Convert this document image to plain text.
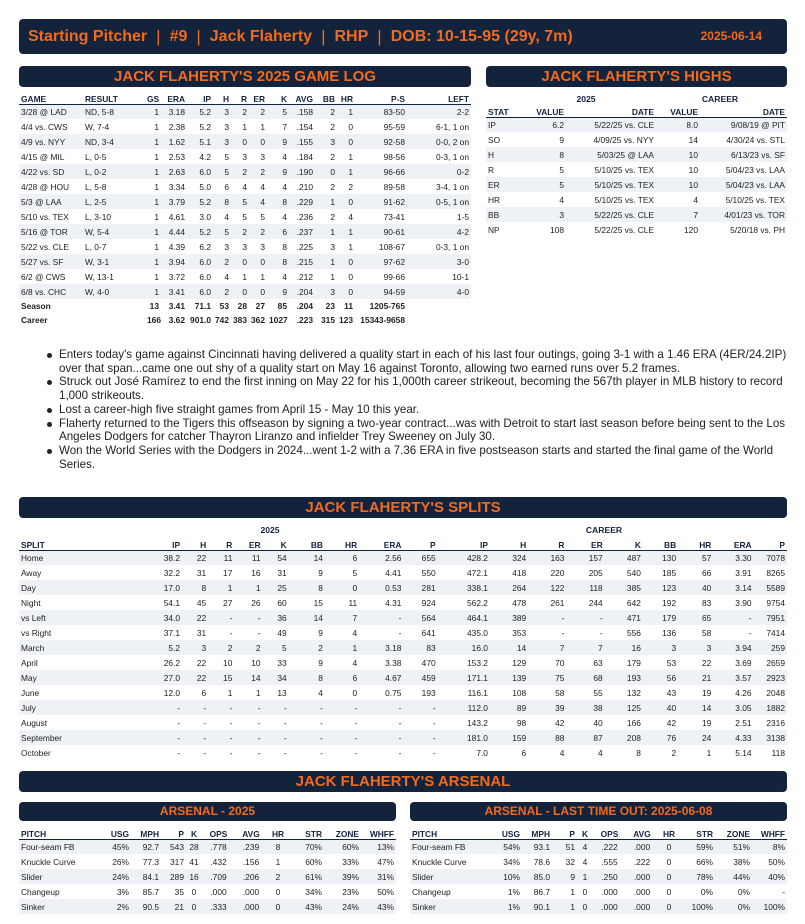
Starting Pitcher | #9 | Jack Flaherty | RHP | DOB: 10-15-95 (29y, 7m)	2025-06-14
JACK FLAHERTY'S 2025 GAME LOG
GAME	RESULT	GS	ERA	IP	H	R	ER	K	AVG	BB	HR	P-S	LEFT
3/28 @ LAD	ND, 5-8	1	3.18	5.2	3	2	2	5	.158	2	1	83-50	2-2
4/4 vs. CWS	W, 7-4	1	2.38	5.2	3	1	1	7	.154	2	0	95-59	6-1, 1 on
4/9 vs. NYY	ND, 3-4	1	1.62	5.1	3	0	0	9	.155	3	0	92-58	0-0, 2 on
4/15 @ MIL	L, 0-5	1	2.53	4.2	5	3	3	4	.184	2	1	98-56	0-3, 1 on
4/22 vs. SD	L, 0-2	1	2.63	6.0	5	2	2	9	.190	0	1	96-66	0-2
4/28 @ HOU	L, 5-8	1	3.34	5.0	6	4	4	4	.210	2	2	89-58	3-4, 1 on
5/3 @ LAA	L, 2-5	1	3.79	5.2	8	5	4	8	.229	1	0	91-62	0-5, 1 on
5/10 vs. TEX	L, 3-10	1	4.61	3.0	4	5	5	4	.236	2	4	73-41	1-5
5/16 @ TOR	W, 5-4	1	4.44	5.2	5	2	2	6	.237	1	1	90-61	4-2
5/22 vs. CLE	L, 0-7	1	4.39	6.2	3	3	3	8	.225	3	1	108-67	0-3, 1 on
5/27 vs. SF	W, 3-1	1	3.94	6.0	2	0	0	8	.215	1	0	97-62	3-0
6/2 @ CWS	W, 13-1	1	3.72	6.0	4	1	1	4	.212	1	0	99-66	10-1
6/8 vs. CHC	W, 4-0	1	3.41	6.0	2	0	0	9	.204	3	0	94-59	4-0
Season		13	3.41	71.1	53	28	27	85	.204	23	11	1205-765	
Career		166	3.62	901.0	742	383	362	1027	.223	315	123	15343-9658	
JACK FLAHERTY'S HIGHS
2025	CAREER
STAT	VALUE	DATE	VALUE	DATE
IP	6.2	5/22/25 vs. CLE	8.0	9/08/19 @ PIT
SO	9	4/09/25 vs. NYY	14	4/30/24 vs. STL
H	8	5/03/25 @ LAA	10	6/13/23 vs. SF
R	5	5/10/25 vs. TEX	10	5/04/23 vs. LAA
ER	5	5/10/25 vs. TEX	10	5/04/23 vs. LAA
HR	4	5/10/25 vs. TEX	4	5/10/25 vs. TEX
BB	3	5/22/25 vs. CLE	7	4/01/23 vs. TOR
NP	108	5/22/25 vs. CLE	120	5/20/18 vs. PH
Enters today's game against Cincinnati having delivered a quality start in each of his last four outings, going 3-1 with a 1.46 ERA (4ER/24.2IP) over that span...came one out shy of a quality start on May 16 against Toronto, allowing two earned runs over 5.2 frames.
Struck out José Ramírez to end the first inning on May 22 for his 1,000th career strikeout, becoming the 567th player in MLB history to record 1,000 strikeouts.
Lost a career-high five straight games from April 15 - May 10 this year.
Flaherty returned to the Tigers this offseason by signing a two-year contract...was with Detroit to start last season before being sent to the Los Angeles Dodgers for catcher Thayron Liranzo and infielder Trey Sweeney on July 30.
Won the World Series with the Dodgers in 2024...went 1-2 with a 7.36 ERA in five postseason starts and started the final game of the World Series.
JACK FLAHERTY'S SPLITS
2025	CAREER
SPLIT	IP	H	R	ER	K	BB	HR	ERA	P	IP	H	R	ER	K	BB	HR	ERA	P
Home	38.2	22	11	11	54	14	6	2.56	655	428.2	324	163	157	487	130	57	3.30	7078
Away	32.2	31	17	16	31	9	5	4.41	550	472.1	418	220	205	540	185	66	3.91	8265
Day	17.0	8	1	1	25	8	0	0.53	281	338.1	264	122	118	385	123	40	3.14	5589
Night	54.1	45	27	26	60	15	11	4.31	924	562.2	478	261	244	642	192	83	3.90	9754
vs Left	34.0	22	-	-	36	14	7	-	564	464.1	389	-	-	471	179	65	-	7951
vs Right	37.1	31	-	-	49	9	4	-	641	435.0	353	-	-	556	136	58	-	7414
March	5.2	3	2	2	5	2	1	3.18	83	16.0	14	7	7	16	3	3	3.94	259
April	26.2	22	10	10	33	9	4	3.38	470	153.2	129	70	63	179	53	22	3.69	2659
May	27.0	22	15	14	34	8	6	4.67	459	171.1	139	75	68	193	56	21	3.57	2923
June	12.0	6	1	1	13	4	0	0.75	193	116.1	108	58	55	132	43	19	4.26	2048
July	-	-	-	-	-	-	-	-	-	112.0	89	39	38	125	40	14	3.05	1882
August	-	-	-	-	-	-	-	-	-	143.2	98	42	40	166	42	19	2.51	2316
September	-	-	-	-	-	-	-	-	-	181.0	159	88	87	208	76	24	4.33	3138
October	-	-	-	-	-	-	-	-	-	7.0	6	4	4	8	2	1	5.14	118
JACK FLAHERTY'S ARSENAL
ARSENAL - 2025	ARSENAL - LAST TIME OUT: 2025-06-08
PITCH	USG	MPH	P	K	OPS	AVG	HR	STR	ZONE	WHFF
Four-seam FB	45%	92.7	543	28	.778	.239	8	70%	60%	13%
Knuckle Curve	26%	77.3	317	41	.432	.156	1	60%	33%	47%
Slider	24%	84.1	289	16	.709	.206	2	61%	39%	31%
Changeup	3%	85.7	35	0	.000	.000	0	34%	23%	50%
Sinker	2%	90.5	21	0	.333	.000	0	43%	24%	43%
PITCH	USG	MPH	P	K	OPS	AVG	HR	STR	ZONE	WHFF
Four-seam FB	54%	93.1	51	4	.222	.000	0	59%	51%	8%
Knuckle Curve	34%	78.6	32	4	.555	.222	0	66%	38%	50%
Slider	10%	85.0	9	1	.250	.000	0	78%	44%	40%
Changeup	1%	86.7	1	0	.000	.000	0	0%	0%	-
Sinker	1%	90.1	1	0	.000	.000	0	100%	0%	100%
